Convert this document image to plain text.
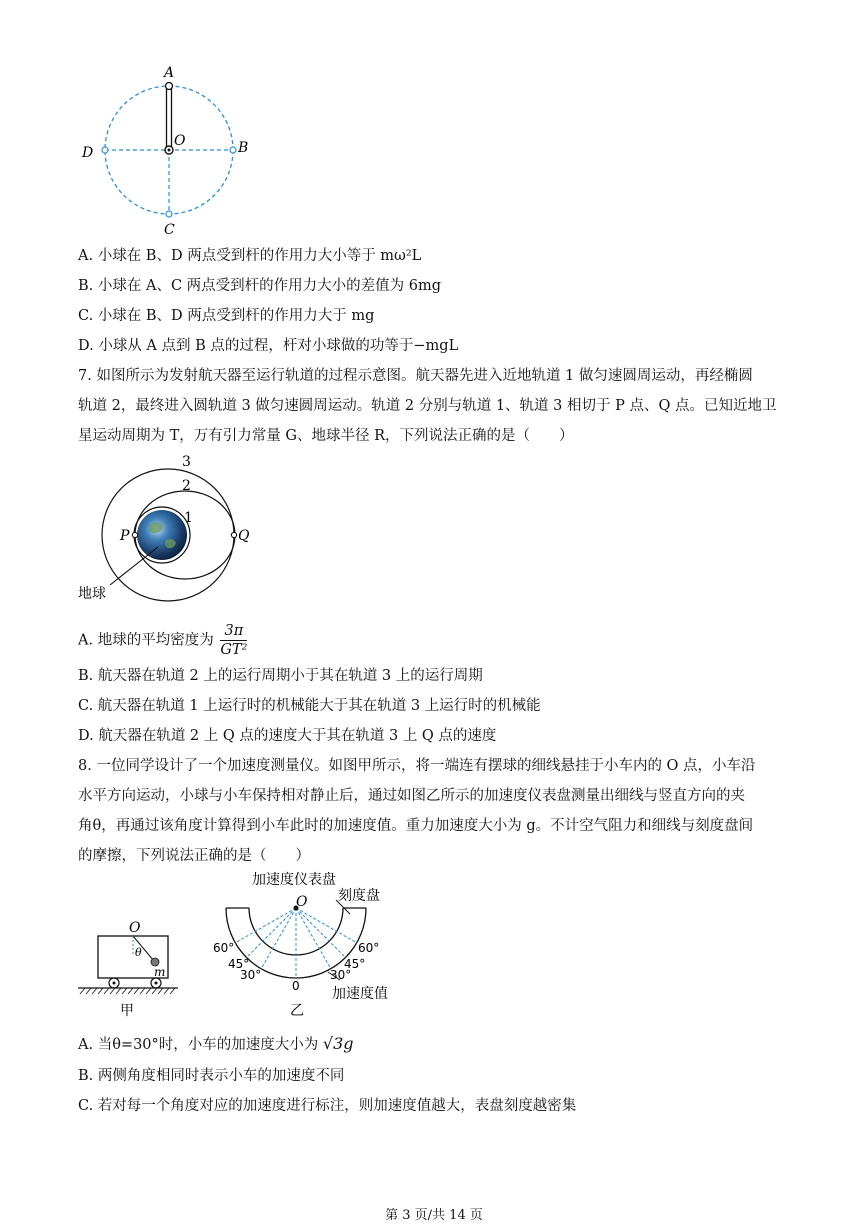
A
O	B
D
C
A. 小球在 B、D 两点受到杆的作用力大小等于 mω²L
B. 小球在 A、C 两点受到杆的作用力大小的差值为 6mg
C. 小球在 B、D 两点受到杆的作用力大于 mg
D. 小球从 A 点到 B 点的过程，杆对小球做的功等于−mgL
7. 如图所示为发射航天器至运行轨道的过程示意图。航天器先进入近地轨道 1 做匀速圆周运动，再经椭圆
轨道 2，最终进入圆轨道 3 做匀速圆周运动。轨道 2 分别与轨道 1、轨道 3 相切于 P 点、Q 点。已知近地卫
星运动周期为 T，万有引力常量 G、地球半径 R，下列说法正确的是（　　）
3
2
1
P	Q
地球
A. 地球的平均密度为 $\frac{3\pi}{\text{GT²}}$
B. 航天器在轨道 2 上的运行周期小于其在轨道 3 上的运行周期
C. 航天器在轨道 1 上运行时的机械能大于其在轨道 3 上运行时的机械能
D. 航天器在轨道 2 上 Q 点的速度大于其在轨道 3 上 Q 点的速度
8. 一位同学设计了一个加速度测量仪。如图甲所示，将一端连有摆球的细线悬挂于小车内的 O 点，小车沿
水平方向运动，小球与小车保持相对静止后，通过如图乙所示的加速度仪表盘测量出细线与竖直方向的夹
角θ，再通过该角度计算得到小车此时的加速度值。重力加速度大小为 g。不计空气阻力和细线与刻度盘间
的摩擦，下列说法正确的是（　　）
O
θ
m
甲
加速度仪表盘
刻度盘
O
60°
45°
30°
0
30°
45°
60°
加速度值
乙
A. 当θ=30°时，小车的加速度大小为 √3g
B. 两侧角度相同时表示小车的加速度不同
C. 若对每一个角度对应的加速度进行标注，则加速度值越大，表盘刻度越密集
第 3 页/共 14 页
